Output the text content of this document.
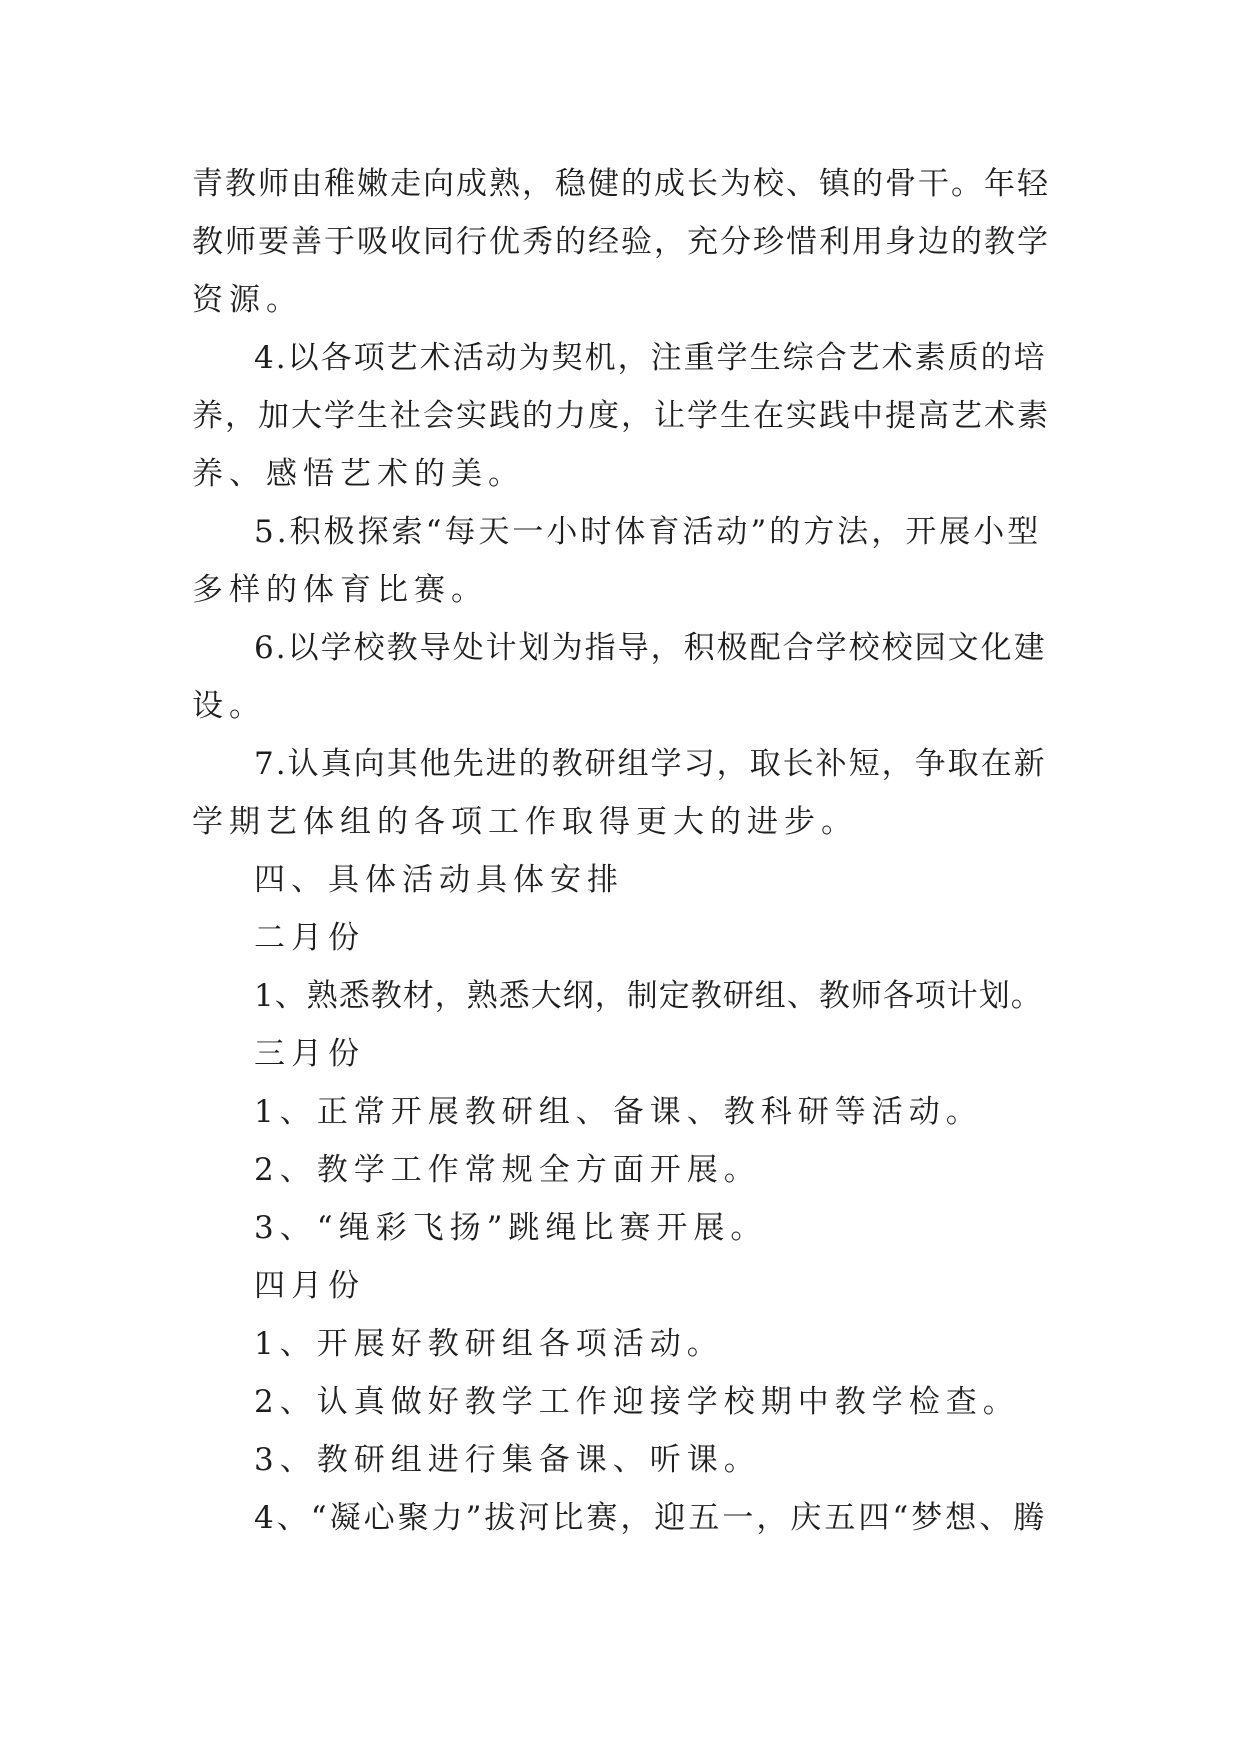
青教师由稚嫩走向成熟，稳健的成长为校、镇的骨干。年轻
教师要善于吸收同行优秀的经验，充分珍惜利用身边的教学
资源。
4.以各项艺术活动为契机，注重学生综合艺术素质的培
养，加大学生社会实践的力度，让学生在实践中提高艺术素
养、感悟艺术的美。
5.积极探索“每天一小时体育活动”的方法，开展小型
多样的体育比赛。
6.以学校教导处计划为指导，积极配合学校校园文化建
设。
7.认真向其他先进的教研组学习，取长补短，争取在新
学期艺体组的各项工作取得更大的进步。
四、具体活动具体安排
二月份
1、熟悉教材，熟悉大纲，制定教研组、教师各项计划。
三月份
1、正常开展教研组、备课、教科研等活动。
2、教学工作常规全方面开展。
3、“绳彩飞扬”跳绳比赛开展。
四月份
1、开展好教研组各项活动。
2、认真做好教学工作迎接学校期中教学检查。
3、教研组进行集备课、听课。
4、“凝心聚力”拔河比赛，迎五一，庆五四“梦想、腾
